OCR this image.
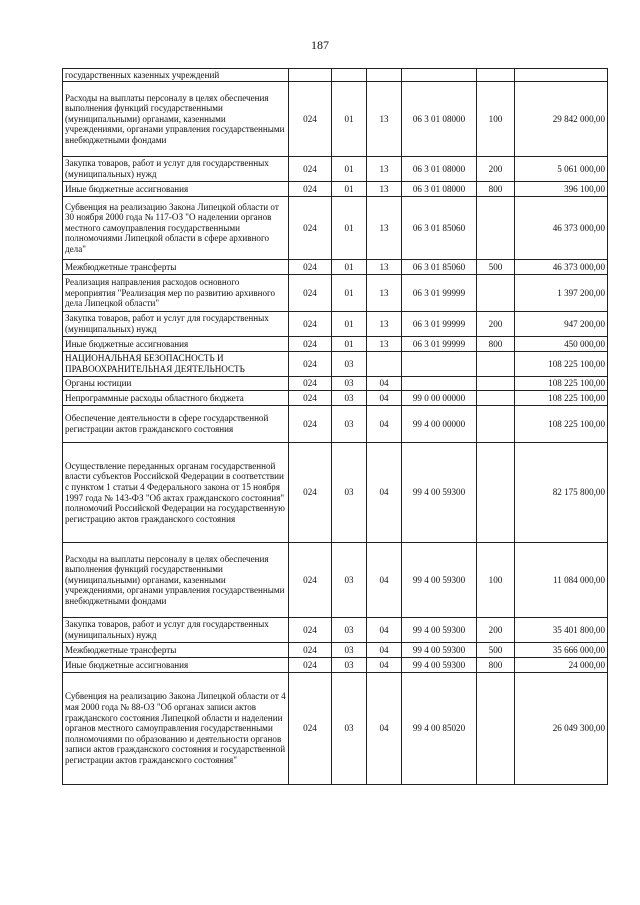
187
государственных казенных учреждений						
Расходы на выплаты персоналу в целях обеспечения выполнения функций государственными (муниципальными) органами, казенными учреждениями, органами управления государственными внебюджетными фондами	024	01	13	06 3 01 08000	100	29 842 000,00
Закупка товаров, работ и услуг для государственных (муниципальных) нужд	024	01	13	06 3 01 08000	200	5 061 000,00
Иные бюджетные ассигнования	024	01	13	06 3 01 08000	800	396 100,00
Субвенция на реализацию Закона Липецкой области от 30 ноября 2000 года № 117-ОЗ "О наделении органов местного самоуправления государственными полномочиями Липецкой области в сфере архивного дела"	024	01	13	06 3 01 85060		46 373 000,00
Межбюджетные трансферты	024	01	13	06 3 01 85060	500	46 373 000,00
Реализация направления расходов основного мероприятия "Реализация мер по развитию архивного дела Липецкой области"	024	01	13	06 3 01 99999		1 397 200,00
Закупка товаров, работ и услуг для государственных (муниципальных) нужд	024	01	13	06 3 01 99999	200	947 200,00
Иные бюджетные ассигнования	024	01	13	06 3 01 99999	800	450 000,00
НАЦИОНАЛЬНАЯ БЕЗОПАСНОСТЬ И ПРАВООХРАНИТЕЛЬНАЯ ДЕЯТЕЛЬНОСТЬ	024	03				108 225 100,00
Органы юстиции	024	03	04			108 225 100,00
Непрограммные расходы областного бюджета	024	03	04	99 0 00 00000		108 225 100,00
Обеспечение деятельности в сфере государственной регистрации актов гражданского состояния	024	03	04	99 4 00 00000		108 225 100,00
Осуществление переданных органам государственной власти субъектов Российской Федерации в соответствии с пунктом 1 статьи 4 Федерального закона от 15 ноября 1997 года № 143-ФЗ "Об актах гражданского состояния" полномочий Российской Федерации на государственную регистрацию актов гражданского состояния	024	03	04	99 4 00 59300		82 175 800,00
Расходы на выплаты персоналу в целях обеспечения выполнения функций государственными (муниципальными) органами, казенными учреждениями, органами управления государственными внебюджетными фондами	024	03	04	99 4 00 59300	100	11 084 000,00
Закупка товаров, работ и услуг для государственных (муниципальных) нужд	024	03	04	99 4 00 59300	200	35 401 800,00
Межбюджетные трансферты	024	03	04	99 4 00 59300	500	35 666 000,00
Иные бюджетные ассигнования	024	03	04	99 4 00 59300	800	24 000,00
Субвенция на реализацию Закона Липецкой области от 4 мая 2000 года № 88-ОЗ "Об органах записи актов гражданского состояния Липецкой области и наделении органов местного самоуправления государственными полномочиями по образованию и деятельности органов записи актов гражданского состояния и государственной регистрации актов гражданского состояния"	024	03	04	99 4 00 85020		26 049 300,00
